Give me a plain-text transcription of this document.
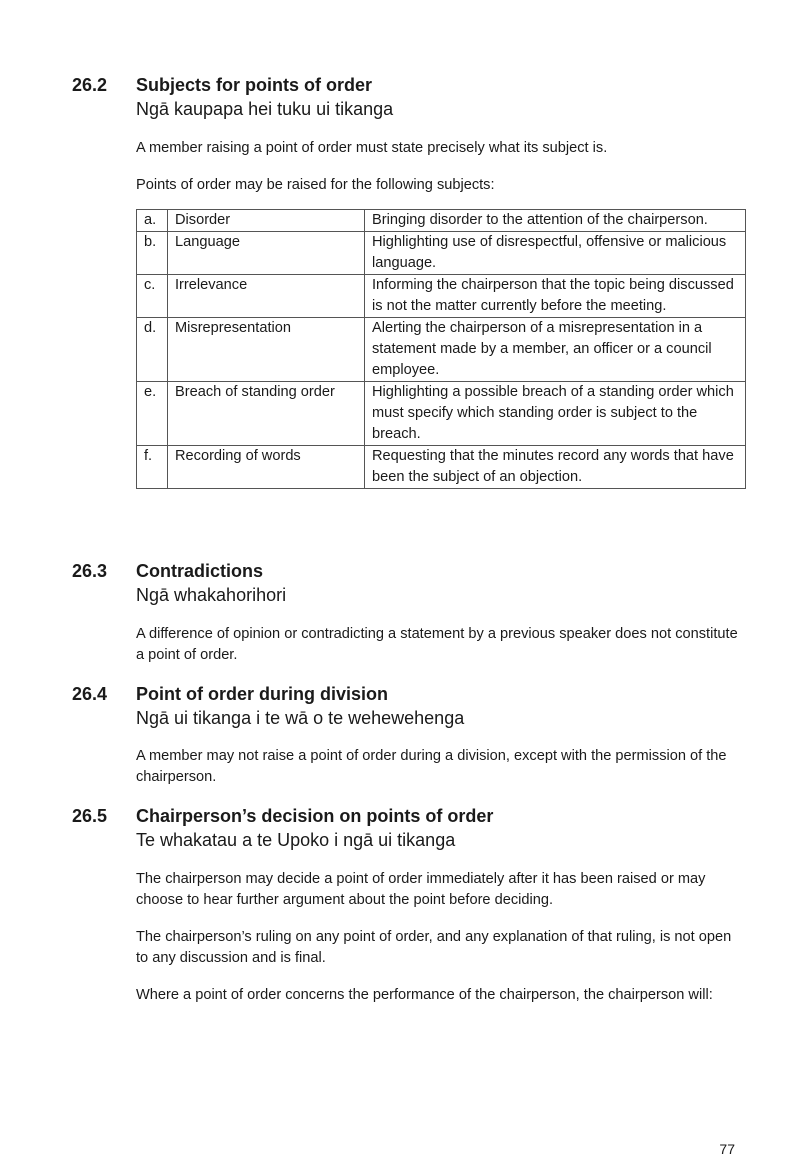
26.2 Subjects for points of order
Ngā kaupapa hei tuku ui tikanga

A member raising a point of order must state precisely what its subject is.

Points of order may be raised for the following subjects:

a.	Disorder	Bringing disorder to the attention of the chairperson.
b.	Language	Highlighting use of disrespectful, offensive or malicious language.
c.	Irrelevance	Informing the chairperson that the topic being discussed is not the matter currently before the meeting.
d.	Misrepresentation	Alerting the chairperson of a misrepresentation in a statement made by a member, an officer or a council employee.
e.	Breach of standing order	Highlighting a possible breach of a standing order which must specify which standing order is subject to the breach.
f.	Recording of words	Requesting that the minutes record any words that have been the subject of an objection.
26.3 Contradictions
Ngā whakahorihori

A difference of opinion or contradicting a statement by a previous speaker does not constitute a point of order.

26.4 Point of order during division
Ngā ui tikanga i te wā o te wehewehenga

A member may not raise a point of order during a division, except with the permission of the chairperson.

26.5 Chairperson’s decision on points of order
Te whakatau a te Upoko i ngā ui tikanga

The chairperson may decide a point of order immediately after it has been raised or may choose to hear further argument about the point before deciding.

The chairperson’s ruling on any point of order, and any explanation of that ruling, is not open to any discussion and is final.

Where a point of order concerns the performance of the chairperson, the chairperson will:

77
